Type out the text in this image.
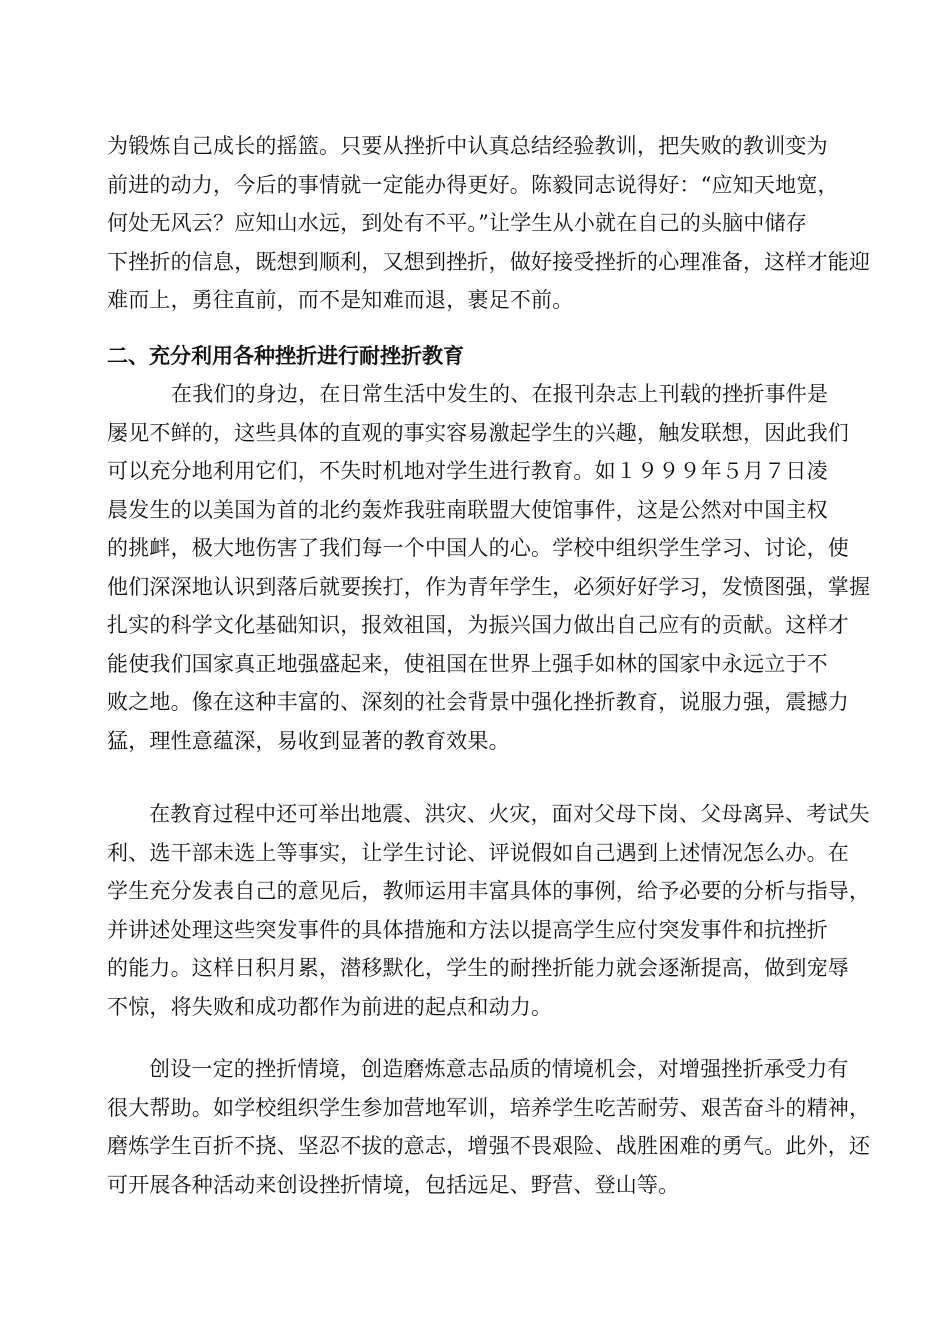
为锻炼自己成长的摇篮。只要从挫折中认真总结经验教训，把失败的教训变为
前进的动力，今后的事情就一定能办得更好。陈毅同志说得好：“应知天地宽，
何处无风云？应知山水远，到处有不平。”让学生从小就在自己的头脑中储存
下挫折的信息，既想到顺利，又想到挫折，做好接受挫折的心理准备，这样才能迎
难而上，勇往直前，而不是知难而退，裹足不前。
二、充分利用各种挫折进行耐挫折教育
在我们的身边，在日常生活中发生的、在报刊杂志上刊载的挫折事件是
屡见不鲜的，这些具体的直观的事实容易激起学生的兴趣，触发联想，因此我们
可以充分地利用它们，不失时机地对学生进行教育。如１９９９年５月７日凌
晨发生的以美国为首的北约轰炸我驻南联盟大使馆事件，这是公然对中国主权
的挑衅，极大地伤害了我们每一个中国人的心。学校中组织学生学习、讨论，使
他们深深地认识到落后就要挨打，作为青年学生，必须好好学习，发愤图强，掌握
扎实的科学文化基础知识，报效祖国，为振兴国力做出自己应有的贡献。这样才
能使我们国家真正地强盛起来，使祖国在世界上强手如林的国家中永远立于不
败之地。像在这种丰富的、深刻的社会背景中强化挫折教育，说服力强，震撼力
猛，理性意蕴深，易收到显著的教育效果。
在教育过程中还可举出地震、洪灾、火灾，面对父母下岗、父母离异、考试失
利、选干部未选上等事实，让学生讨论、评说假如自己遇到上述情况怎么办。在
学生充分发表自己的意见后，教师运用丰富具体的事例，给予必要的分析与指导，
并讲述处理这些突发事件的具体措施和方法以提高学生应付突发事件和抗挫折
的能力。这样日积月累，潜移默化，学生的耐挫折能力就会逐渐提高，做到宠辱
不惊，将失败和成功都作为前进的起点和动力。
创设一定的挫折情境，创造磨炼意志品质的情境机会，对增强挫折承受力有
很大帮助。如学校组织学生参加营地军训，培养学生吃苦耐劳、艰苦奋斗的精神，
磨炼学生百折不挠、坚忍不拔的意志，增强不畏艰险、战胜困难的勇气。此外，还
可开展各种活动来创设挫折情境，包括远足、野营、登山等。
